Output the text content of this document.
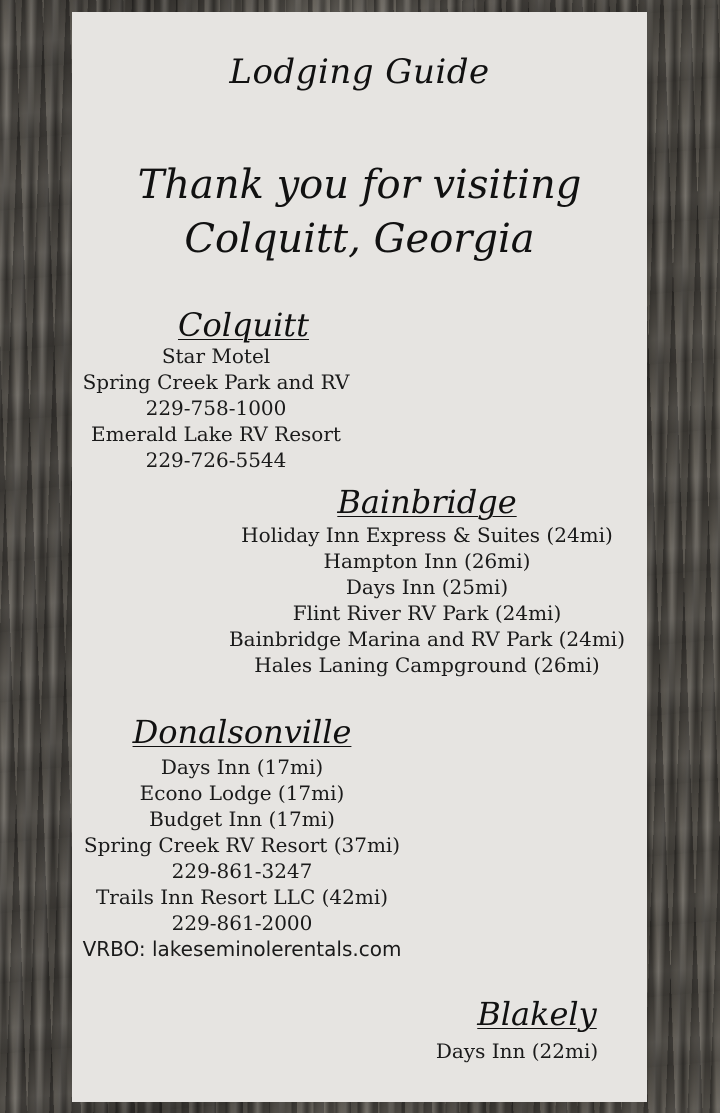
Lodging Guide

Thank you for visiting
Colquitt, Georgia
Colquitt
Star Motel
Spring Creek Park and RV
229-758-1000
Emerald Lake RV Resort
229-726-5544
Bainbridge
Holiday Inn Express & Suites (24mi)
Hampton Inn (26mi)
Days Inn (25mi)
Flint River RV Park (24mi)
Bainbridge Marina and RV Park (24mi)
Hales Laning Campground (26mi)
Donalsonville
Days Inn (17mi)
Econo Lodge (17mi)
Budget Inn (17mi)
Spring Creek RV Resort (37mi)
229-861-3247
Trails Inn Resort LLC (42mi)
229-861-2000
VRBO: lakeseminolerentals.com
Blakely
Days Inn (22mi)
